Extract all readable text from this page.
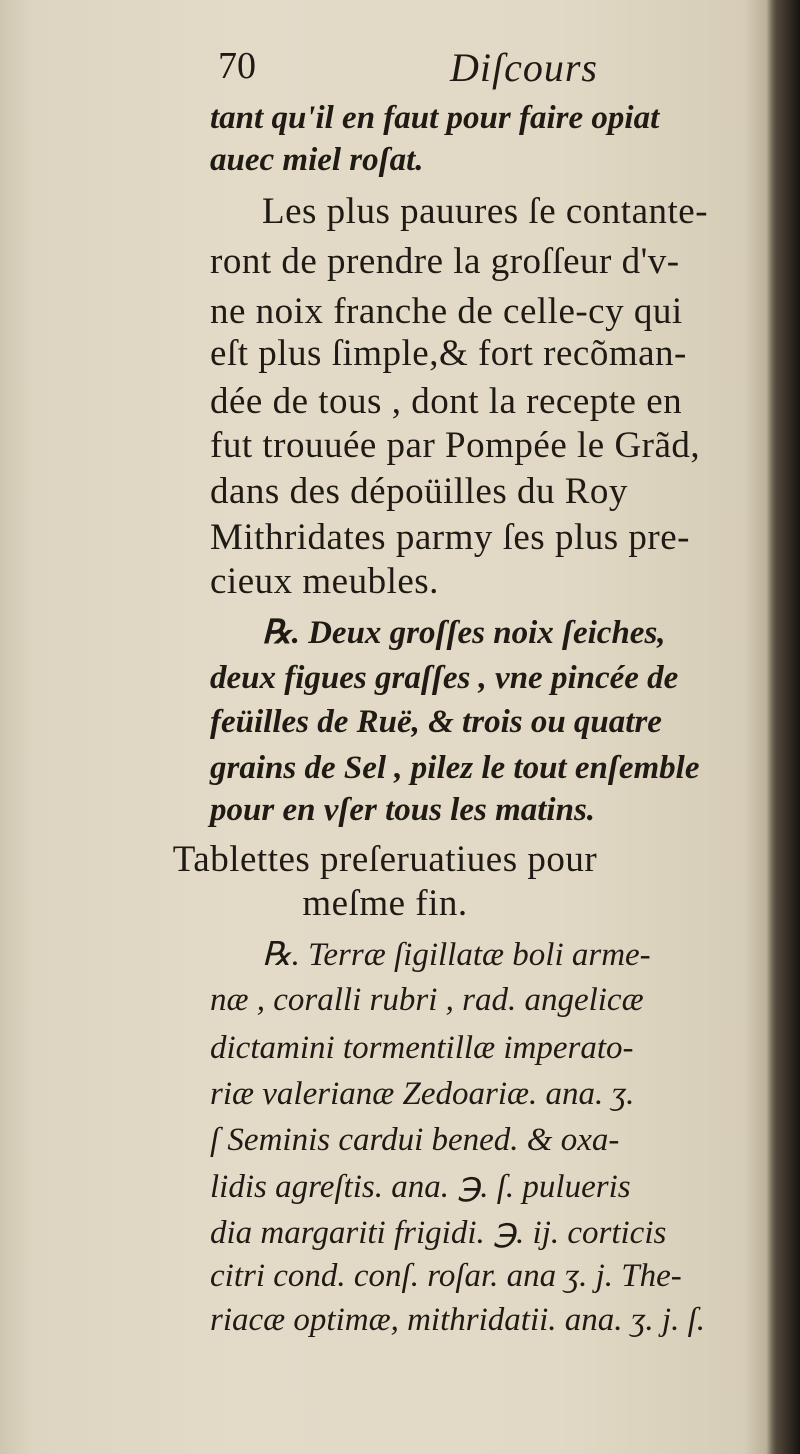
70	Diſcours
tant qu'il en faut pour faire opiat
auec miel roſat.
Les plus pauures ſe contante-
ront de prendre la groſſeur d'v-
ne noix franche de celle-cy qui
eſt plus ſimple,& fort recõman-
dée de tous , dont la recepte en
fut trouuée par Pompée le Grãd,
dans des dépoüilles du Roy
Mithridates parmy ſes plus pre-
cieux meubles.
℞. Deux groſſes noix ſeiches,
deux figues graſſes , vne pincée de
feüilles de Ruë, & trois ou quatre
grains de Sel , pilez le tout enſemble
pour en vſer tous les matins.
Tablettes preſeruatiues pour
meſme fin.
℞. Terræ ſigillatæ boli arme-
næ , coralli rubri , rad. angelicæ
dictamini tormentillæ imperato-
riæ valerianæ Zedoariæ. ana. ʒ.
ſ Seminis cardui bened. & oxa-
lidis agreſtis. ana. ℈. ſ. pulueris
dia margariti frigidi. ℈. ij. corticis
citri cond. conſ. roſar. ana ʒ. j. The-
riacæ optimæ, mithridatii. ana. ʒ. j. ſ.
